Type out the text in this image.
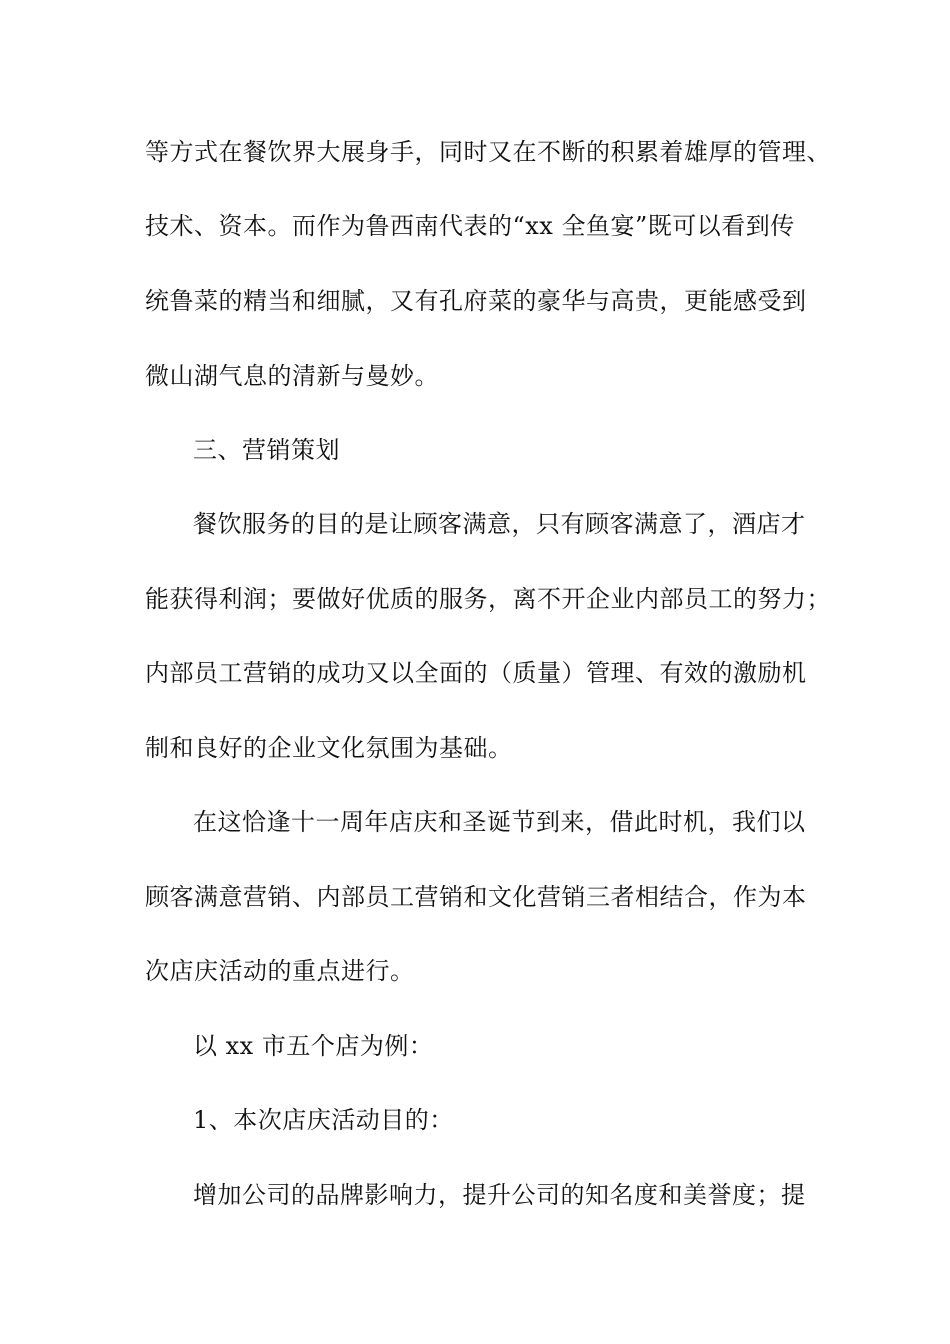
等方式在餐饮界大展身手，同时又在不断的积累着雄厚的管理、
技术、资本。而作为鲁西南代表的“xx 全鱼宴”既可以看到传
统鲁菜的精当和细腻，又有孔府菜的豪华与高贵，更能感受到
微山湖气息的清新与曼妙。
三、营销策划
餐饮服务的目的是让顾客满意，只有顾客满意了，酒店才
能获得利润；要做好优质的服务，离不开企业内部员工的努力；
内部员工营销的成功又以全面的（质量）管理、有效的激励机
制和良好的企业文化氛围为基础。
在这恰逢十一周年店庆和圣诞节到来，借此时机，我们以
顾客满意营销、内部员工营销和文化营销三者相结合，作为本
次店庆活动的重点进行。
以 xx 市五个店为例：
1、本次店庆活动目的：
增加公司的品牌影响力，提升公司的知名度和美誉度；提
